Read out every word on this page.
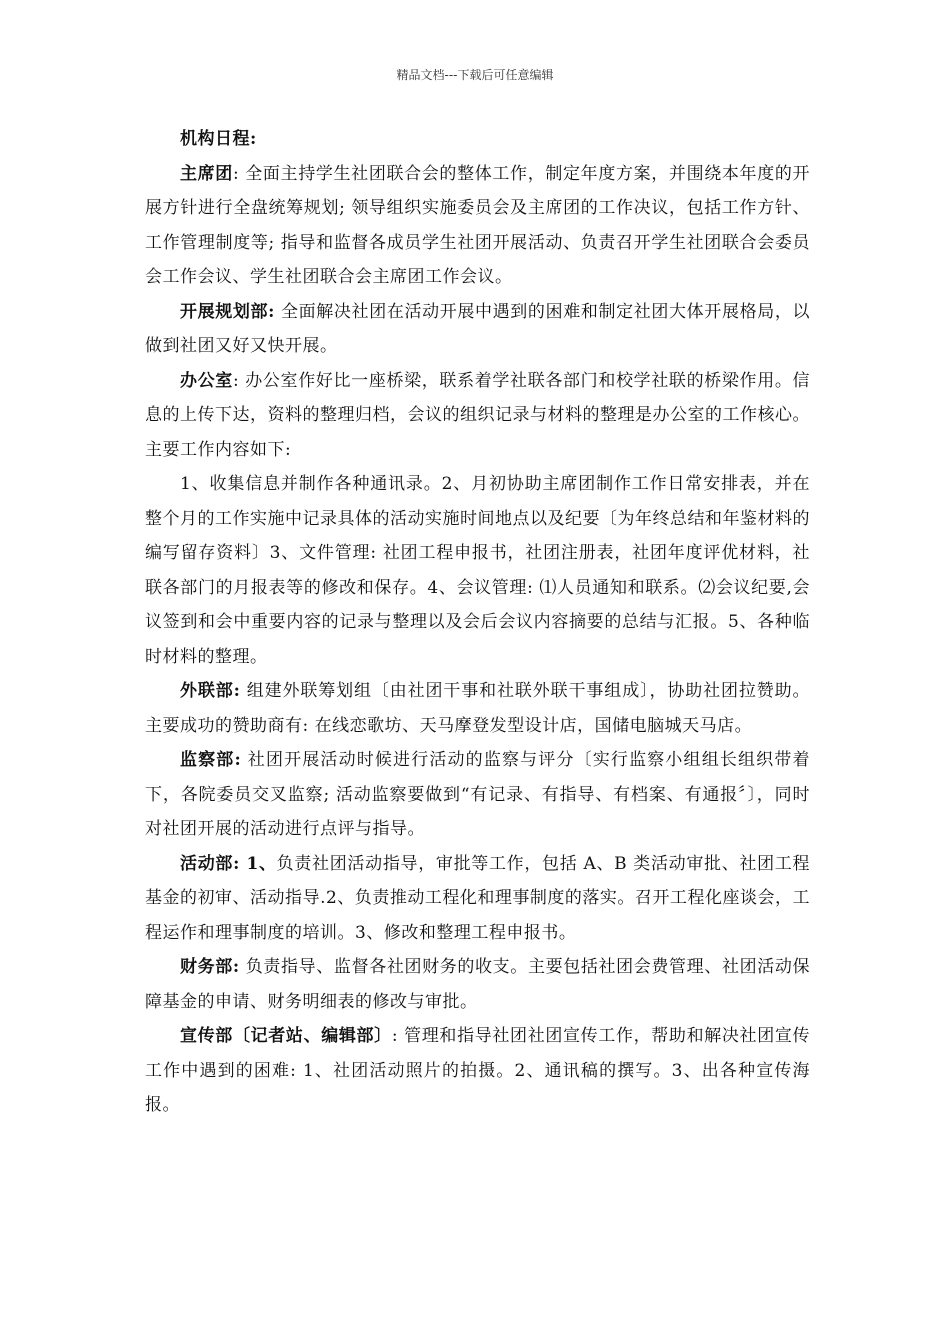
精品文档---下载后可任意编辑

机构日程:

主席团: 全面主持学生社团联合会的整体工作，制定年度方案，并围绕本年度的开展方针进行全盘统筹规划; 领导组织实施委员会及主席团的工作决议，包括工作方针、工作管理制度等; 指导和监督各成员学生社团开展活动、负责召开学生社团联合会委员会工作会议、学生社团联合会主席团工作会议。

开展规划部: 全面解决社团在活动开展中遇到的困难和制定社团大体开展格局，以做到社团又好又快开展。

办公室: 办公室作好比一座桥梁，联系着学社联各部门和校学社联的桥梁作用。信息的上传下达，资料的整理归档，会议的组织记录与材料的整理是办公室的工作核心。主要工作内容如下:

1、收集信息并制作各种通讯录。2、月初协助主席团制作工作日常安排表，并在整个月的工作实施中记录具体的活动实施时间地点以及纪要〔为年终总结和年鉴材料的编写留存资料〕3、文件管理: 社团工程申报书，社团注册表，社团年度评优材料，社联各部门的月报表等的修改和保存。4、会议管理: ⑴人员通知和联系。⑵会议纪要,会议签到和会中重要内容的记录与整理以及会后会议内容摘要的总结与汇报。5、各种临时材料的整理。

外联部: 组建外联筹划组〔由社团干事和社联外联干事组成〕，协助社团拉赞助。主要成功的赞助商有: 在线恋歌坊、天马摩登发型设计店，国储电脑城天马店。

监察部: 社团开展活动时候进行活动的监察与评分〔实行监察小组组长组织带着下，各院委员交叉监察; 活动监察要做到“有记录、有指导、有档案、有通报〞〕，同时对社团开展的活动进行点评与指导。

活动部: 1、负责社团活动指导，审批等工作，包括 A、B 类活动审批、社团工程基金的初审、活动指导.2、负责推动工程化和理事制度的落实。召开工程化座谈会，工程运作和理事制度的培训。3、修改和整理工程申报书。

财务部: 负责指导、监督各社团财务的收支。主要包括社团会费管理、社团活动保障基金的申请、财务明细表的修改与审批。

宣传部〔记者站、编辑部〕: 管理和指导社团社团宣传工作，帮助和解决社团宣传工作中遇到的困难: 1、社团活动照片的拍摄。2、通讯稿的撰写。3、出各种宣传海报。
